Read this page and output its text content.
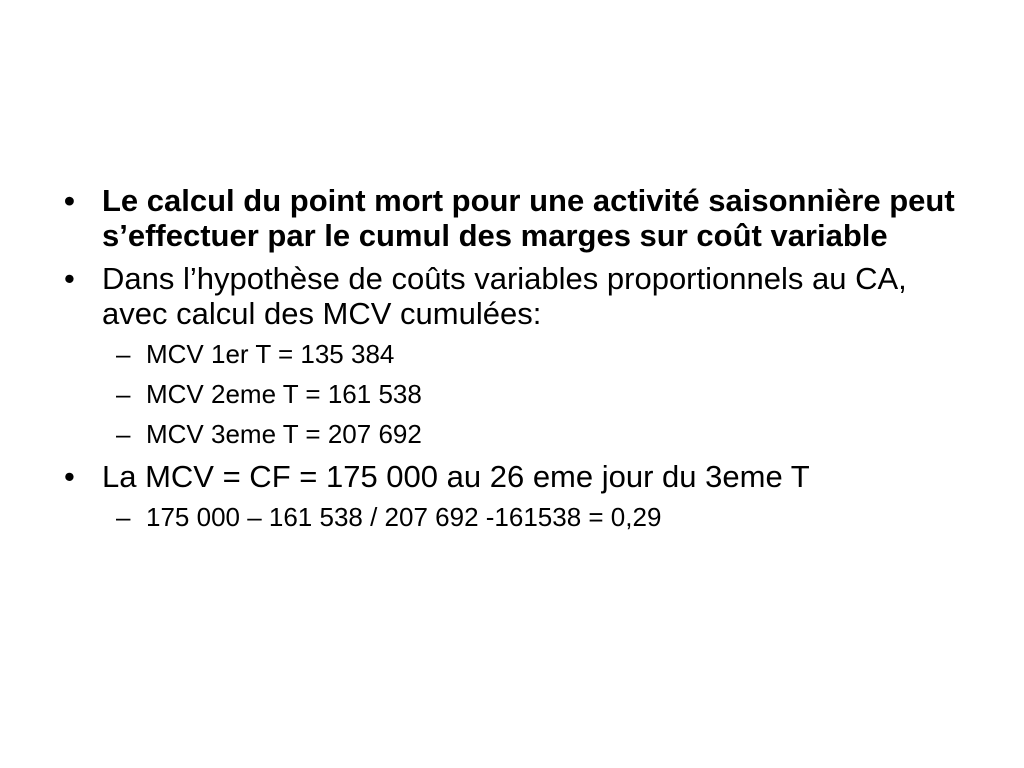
• Le calcul du point mort pour une activité saisonnière peut s’effectuer par le cumul des marges sur coût variable
• Dans l’hypothèse de coûts variables proportionnels au CA, avec calcul des MCV cumulées:
– MCV 1er T = 135 384
– MCV 2eme T = 161 538
– MCV 3eme T = 207 692
• La MCV = CF = 175 000 au 26 eme jour du 3eme T
– 175 000 – 161 538 / 207 692 -161538 = 0,29
